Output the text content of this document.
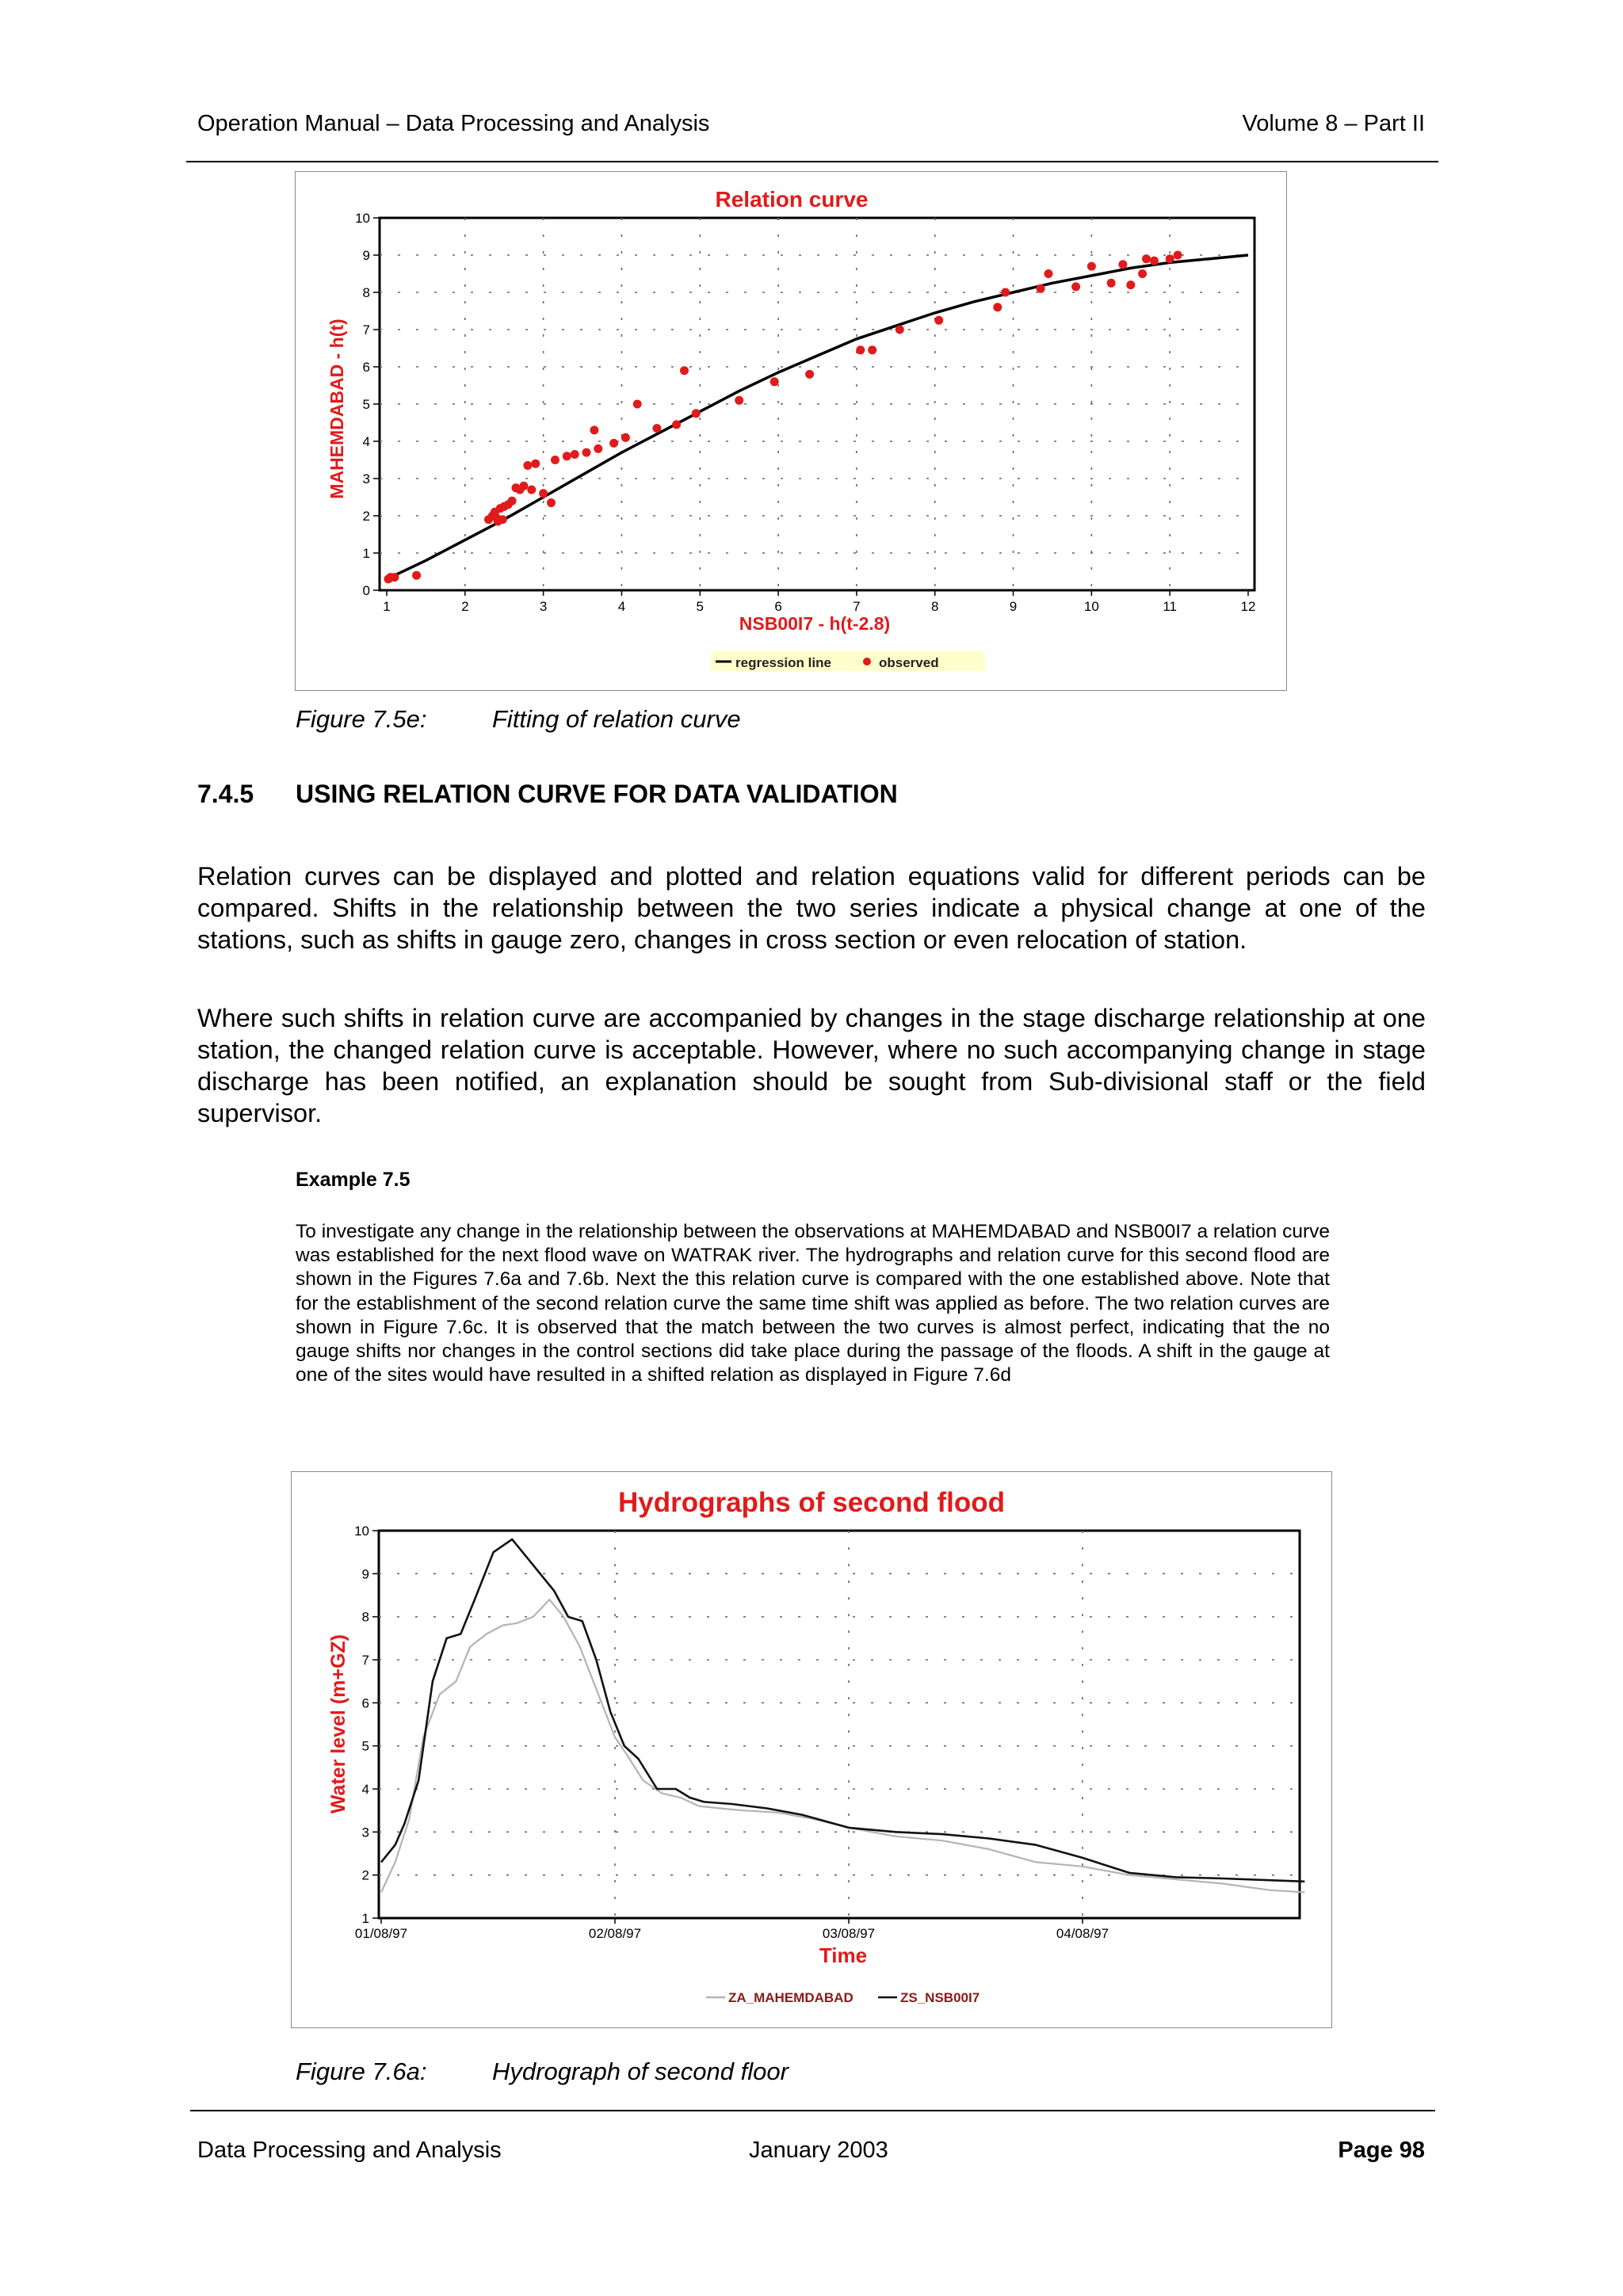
Operation Manual – Data Processing and Analysis	Volume 8 – Part II
Relation curve
0
1
2
3
4
5
6
7
8
9
10
1	2	3	4	5	6	7	8	9	10	11	12
MAHEMDABAD - h(t)
NSB00I7 - h(t-2.8)
regression line	observed
Figure 7.5e:	Fitting of relation curve
7.4.5 USING RELATION CURVE FOR DATA VALIDATION

Relation curves can be displayed and plotted and relation equations valid for different periods can be compared. Shifts in the relationship between the two series indicate a physical change at one of the stations, such as shifts in gauge zero, changes in cross section or even relocation of station.

Where such shifts in relation curve are accompanied by changes in the stage discharge relationship at one station, the changed relation curve is acceptable. However, where no such accompanying change in stage discharge has been notified, an explanation should be sought from Sub-divisional staff or the field supervisor.

Example 7.5

To investigate any change in the relationship between the observations at MAHEMDABAD and NSB00I7 a relation curve was established for the next flood wave on WATRAK river. The hydrographs and relation curve for this second flood are shown in the Figures 7.6a and 7.6b. Next the this relation curve is compared with the one established above. Note that for the establishment of the second relation curve the same time shift was applied as before. The two relation curves are shown in Figure 7.6c. It is observed that the match between the two curves is almost perfect, indicating that the no gauge shifts nor changes in the control sections did take place during the passage of the floods. A shift in the gauge at one of the sites would have resulted in a shifted relation as displayed in Figure 7.6d

Hydrographs of second flood
1
2
3
4
5
6
7
8
9
10
01/08/97	02/08/97	03/08/97	04/08/97
Water level (m+GZ)
Time
ZA_MAHEMDABAD	ZS_NSB00I7
Figure 7.6a:	Hydrograph of second floor
Data Processing and Analysis	January 2003	Page 98
